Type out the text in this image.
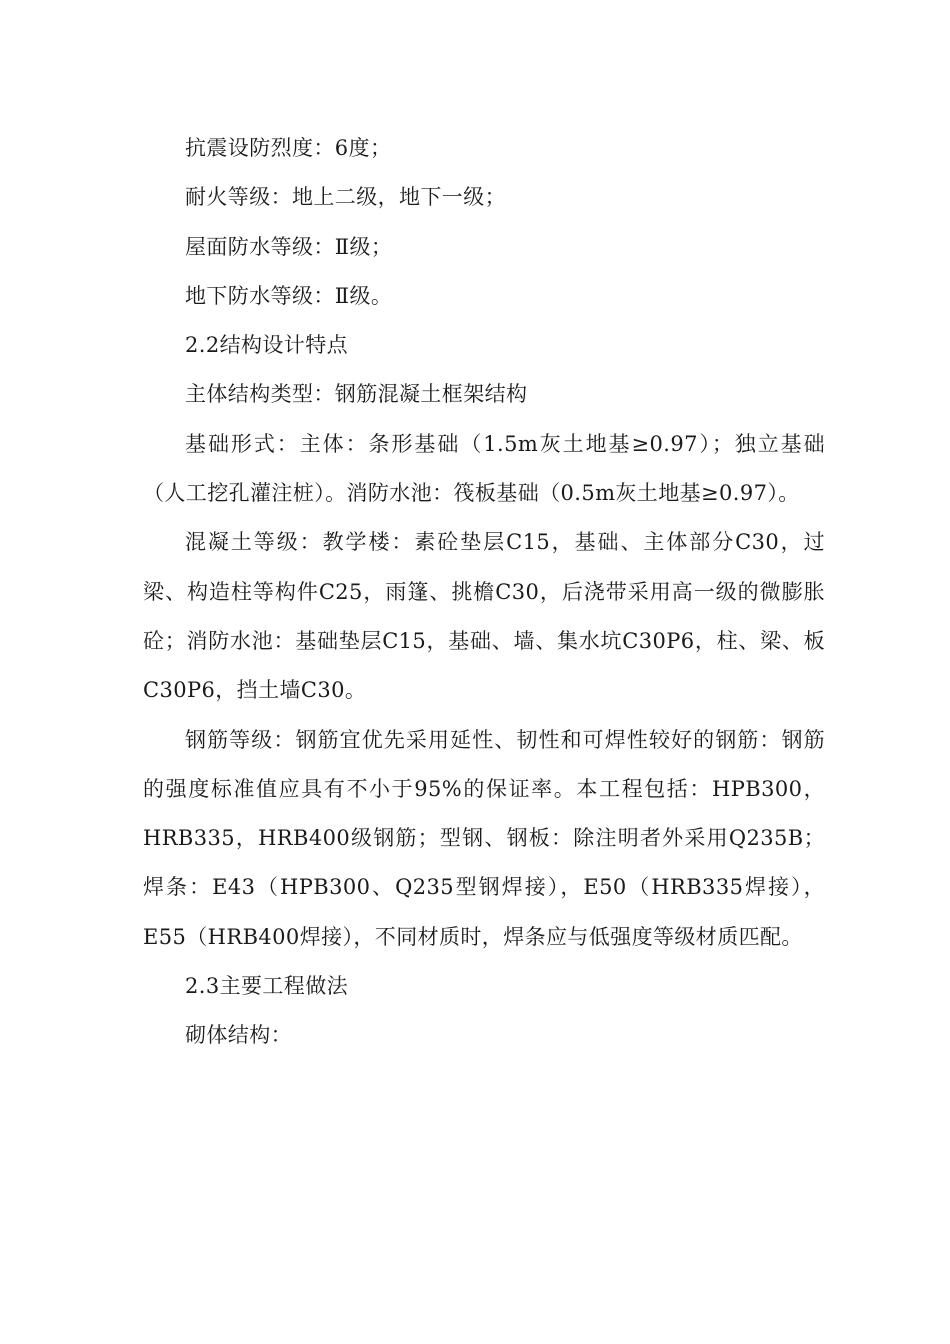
抗震设防烈度：6度；

耐火等级：地上二级，地下一级；

屋面防水等级：Ⅱ级；

地下防水等级：Ⅱ级。

2.2结构设计特点

主体结构类型：钢筋混凝土框架结构

基础形式：主体：条形基础（1.5m灰土地基≥0.97）；独立基础（人工挖孔灌注桩）。消防水池：筏板基础（0.5m灰土地基≥0.97）。

混凝土等级：教学楼：素砼垫层C15，基础、主体部分C30，过梁、构造柱等构件C25，雨篷、挑檐C30，后浇带采用高一级的微膨胀砼；消防水池：基础垫层C15，基础、墙、集水坑C30P6，柱、梁、板C30P6，挡土墙C30。

钢筋等级：钢筋宜优先采用延性、韧性和可焊性较好的钢筋：钢筋的强度标准值应具有不小于95%的保证率。本工程包括：HPB300，HRB335，HRB400级钢筋；型钢、钢板：除注明者外采用Q235B；焊条：E43（HPB300、Q235型钢焊接），E50（HRB335焊接），E55（HRB400焊接），不同材质时，焊条应与低强度等级材质匹配。

2.3主要工程做法

砌体结构：
